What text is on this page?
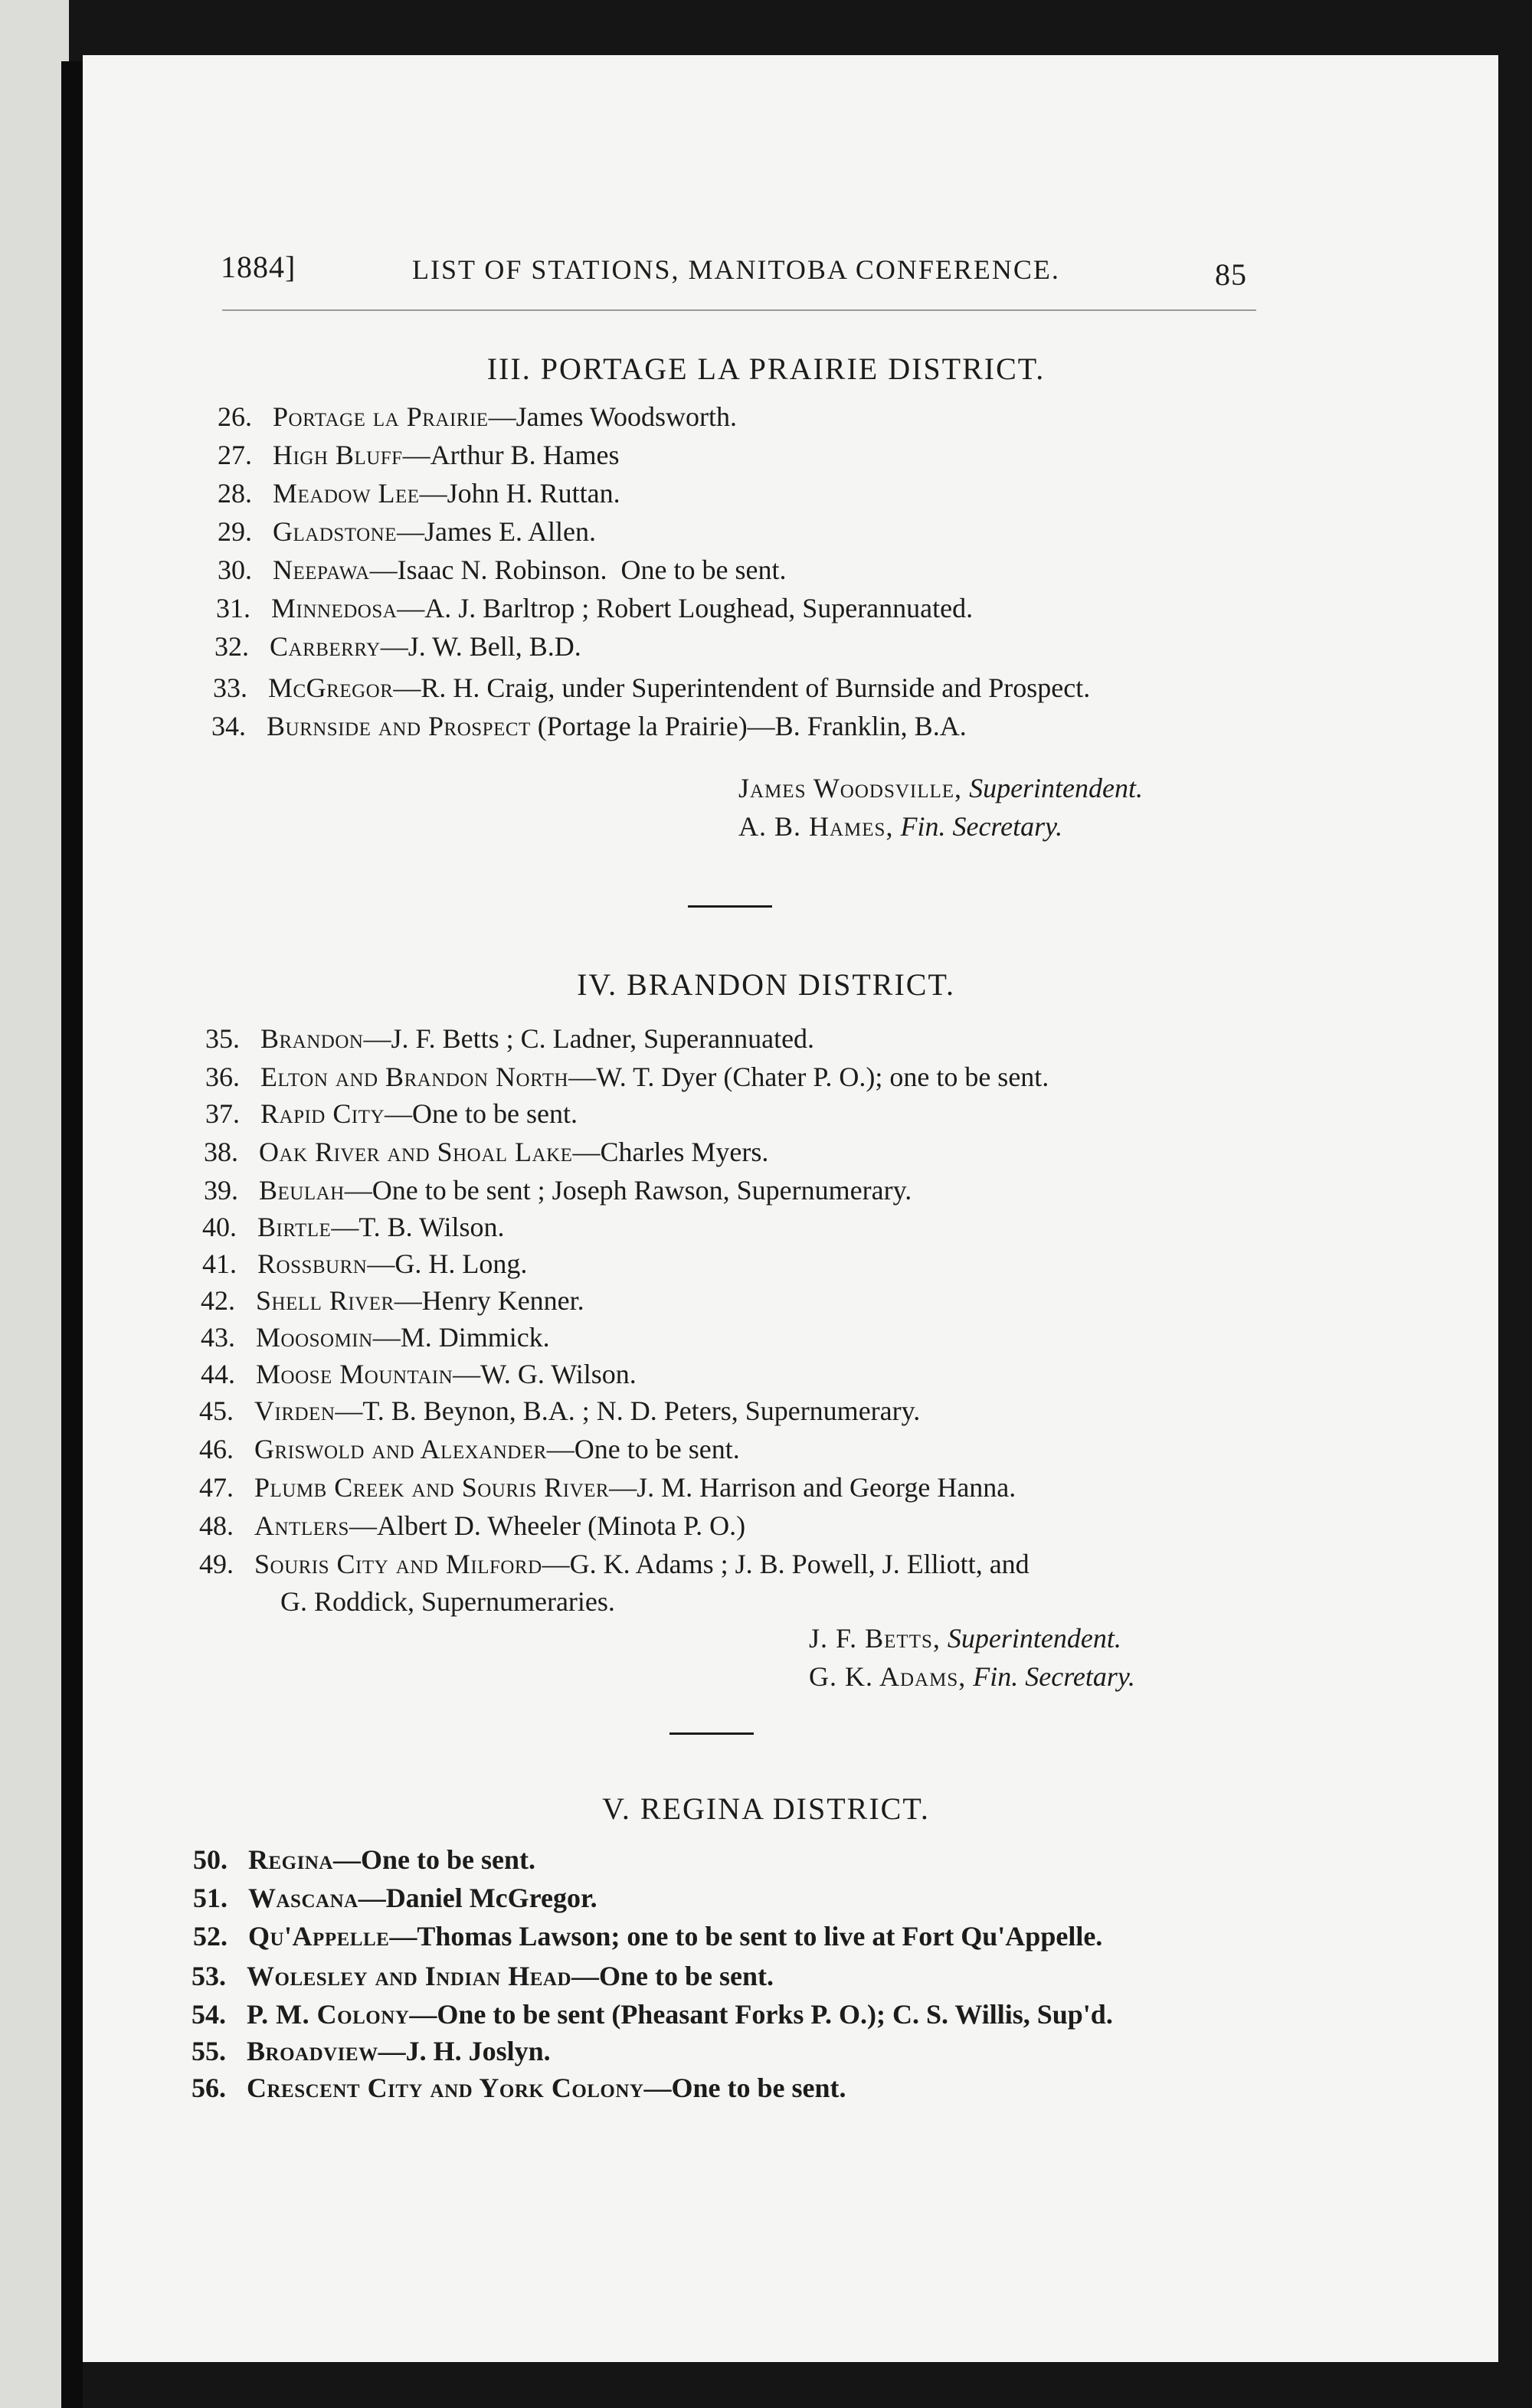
1884]	LIST OF STATIONS, MANITOBA CONFERENCE.	85
III. PORTAGE LA PRAIRIE DISTRICT.
26. Portage la Prairie—James Woodsworth.
27. High Bluff—Arthur B. Hames
28. Meadow Lee—John H. Ruttan.
29. Gladstone—James E. Allen.
30. Neepawa—Isaac N. Robinson.  One to be sent.
31. Minnedosa—A. J. Barltrop ; Robert Loughead, Superannuated.
32. Carberry—J. W. Bell, B.D.
33. McGregor—R. H. Craig, under Superintendent of Burnside and Prospect.
34. Burnside and Prospect (Portage la Prairie)—B. Franklin, B.A.
James Woodsville, Superintendent.
A. B. Hames, Fin. Secretary.
IV. BRANDON DISTRICT.
35. Brandon—J. F. Betts ; C. Ladner, Superannuated.
36. Elton and Brandon North—W. T. Dyer (Chater P. O.); one to be sent.
37. Rapid City—One to be sent.
38. Oak River and Shoal Lake—Charles Myers.
39. Beulah—One to be sent ; Joseph Rawson, Supernumerary.
40. Birtle—T. B. Wilson.
41. Rossburn—G. H. Long.
42. Shell River—Henry Kenner.
43. Moosomin—M. Dimmick.
44. Moose Mountain—W. G. Wilson.
45. Virden—T. B. Beynon, B.A. ; N. D. Peters, Supernumerary.
46. Griswold and Alexander—One to be sent.
47. Plumb Creek and Souris River—J. M. Harrison and George Hanna.
48. Antlers—Albert D. Wheeler (Minota P. O.)
49. Souris City and Milford—G. K. Adams ; J. B. Powell, J. Elliott, and
G. Roddick, Supernumeraries.
J. F. Betts, Superintendent.
G. K. Adams, Fin. Secretary.
V. REGINA DISTRICT.
50. Regina—One to be sent.
51. Wascana—Daniel McGregor.
52. Qu'Appelle—Thomas Lawson; one to be sent to live at Fort Qu'Appelle.
53. Wolesley and Indian Head—One to be sent.
54. P. M. Colony—One to be sent (Pheasant Forks P. O.); C. S. Willis, Sup'd.
55. Broadview—J. H. Joslyn.
56. Crescent City and York Colony—One to be sent.
